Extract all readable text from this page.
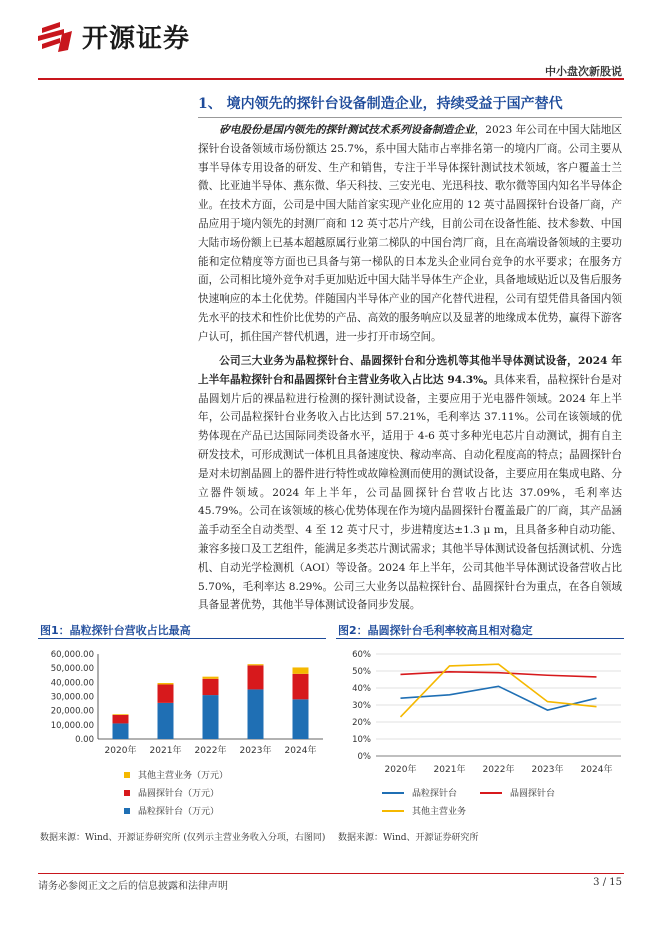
开源证券
中小盘次新股说
1、 境内领先的探针台设备制造企业，持续受益于国产替代

矽电股份是国内领先的探针测试技术系列设备制造企业，2023 年公司在中国大陆地区探针台设备领域市场份额达 25.7%，系中国大陆市占率排名第一的境内厂商。公司主要从事半导体专用设备的研发、生产和销售，专注于半导体探针测试技术领域，客户覆盖士兰微、比亚迪半导体、燕东微、华天科技、三安光电、光迅科技、歌尔微等国内知名半导体企业。在技术方面，公司是中国大陆首家实现产业化应用的 12 英寸晶圆探针台设备厂商，产品应用于境内领先的封测厂商和 12 英寸芯片产线，目前公司在设备性能、技术参数、中国大陆市场份额上已基本超越原属行业第二梯队的中国台湾厂商，且在高端设备领域的主要功能和定位精度等方面也已具备与第一梯队的日本龙头企业同台竞争的水平要求；在服务方面，公司相比境外竞争对手更加贴近中国大陆半导体生产企业，具备地域贴近以及售后服务快速响应的本土化优势。伴随国内半导体产业的国产化替代进程，公司有望凭借具备国内领先水平的技术和性价比优势的产品、高效的服务响应以及显著的地缘成本优势，赢得下游客户认可，抓住国产替代机遇，进一步打开市场空间。

公司三大业务为晶粒探针台、晶圆探针台和分选机等其他半导体测试设备，2024 年上半年晶粒探针台和晶圆探针台主营业务收入占比达 94.3%。具体来看，晶粒探针台是对晶圆划片后的裸晶粒进行检测的探针测试设备，主要应用于光电器件领域。2024 年上半年，公司晶粒探针台业务收入占比达到 57.21%，毛利率达 37.11%。公司在该领域的优势体现在产品已达国际同类设备水平，适用于 4-6 英寸多种光电芯片自动测试，拥有自主研发技术，可形成测试一体机且具备速度快、稼动率高、自动化程度高的特点；晶圆探针台是对未切割晶圆上的器件进行特性或故障检测而使用的测试设备，主要应用在集成电路、分立器件领域。2024 年上半年，公司晶圆探针台营收占比达 37.09%，毛利率达 45.79%。公司在该领域的核心优势体现在作为境内晶圆探针台覆盖最广的厂商，其产品涵盖手动至全自动类型、4 至 12 英寸尺寸，步进精度达±1.3 μ m，且具备多种自动功能、兼容多接口及工艺组件，能满足多类芯片测试需求；其他半导体测试设备包括测试机、分选机、自动光学检测机（AOI）等设备。2024 年上半年，公司其他半导体测试设备营收占比 5.70%，毛利率达 8.29%。公司三大业务以晶粒探针台、晶圆探针台为重点，在各自领域具备显著优势，其他半导体测试设备同步发展。

图1：晶粒探针台营收占比最高
0.00
10,000.00
20,000.00
30,000.00
40,000.00
50,000.00
60,000.00
2020年 2021年 2022年 2023年 2024年
其他主营业务（万元）
晶圆探针台（万元）
晶粒探针台（万元）
数据来源：Wind、开源证券研究所 (仅列示主营业务收入分项，右图同)
图2：晶圆探针台毛利率较高且相对稳定
0%
10%
20%
30%
40%
50%
60%
2020年 2021年 2022年 2023年 2024年
晶粒探针台	晶圆探针台
其他主营业务
数据来源：Wind、开源证券研究所
请务必参阅正文之后的信息披露和法律声明	3 / 15
